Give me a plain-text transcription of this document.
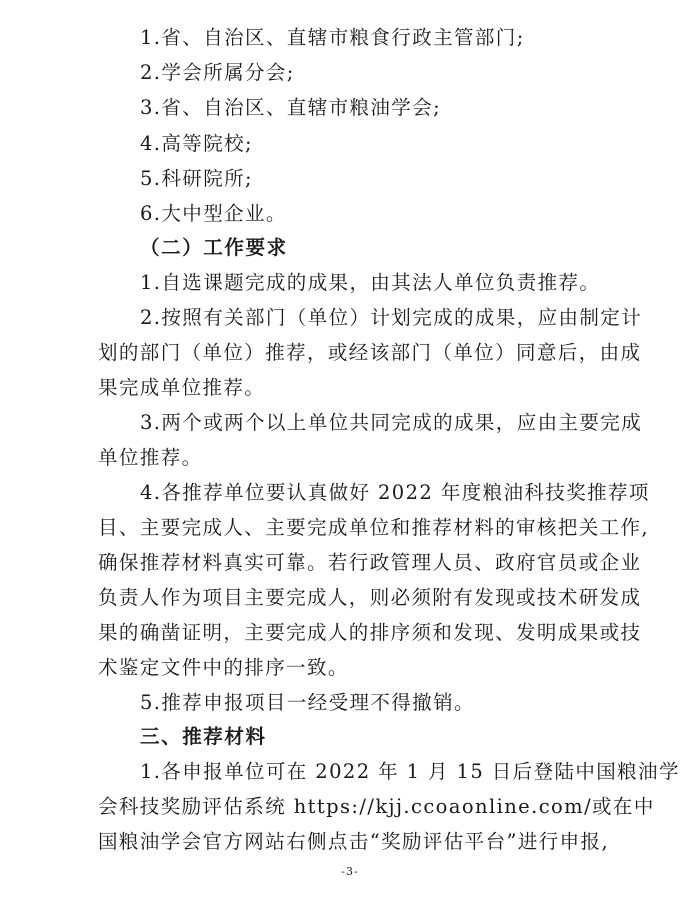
1.省、自治区、直辖市粮食行政主管部门;
2.学会所属分会;
3.省、自治区、直辖市粮油学会;
4.高等院校;
5.科研院所;
6.大中型企业。
（二）工作要求
1.自选课题完成的成果，由其法人单位负责推荐。
2.按照有关部门（单位）计划完成的成果，应由制定计
划的部门（单位）推荐，或经该部门（单位）同意后，由成
果完成单位推荐。
3.两个或两个以上单位共同完成的成果，应由主要完成
单位推荐。
4.各推荐单位要认真做好 2022 年度粮油科技奖推荐项
目、主要完成人、主要完成单位和推荐材料的审核把关工作,
确保推荐材料真实可靠。若行政管理人员、政府官员或企业
负责人作为项目主要完成人，则必须附有发现或技术研发成
果的确凿证明，主要完成人的排序须和发现、发明成果或技
术鉴定文件中的排序一致。
5.推荐申报项目一经受理不得撤销。
三、推荐材料
1.各申报单位可在 2022 年 1 月 15 日后登陆中国粮油学
会科技奖励评估系统 https://kjj.ccoaonline.com/或在中
国粮油学会官方网站右侧点击“奖励评估平台”进行申报,
-3-
